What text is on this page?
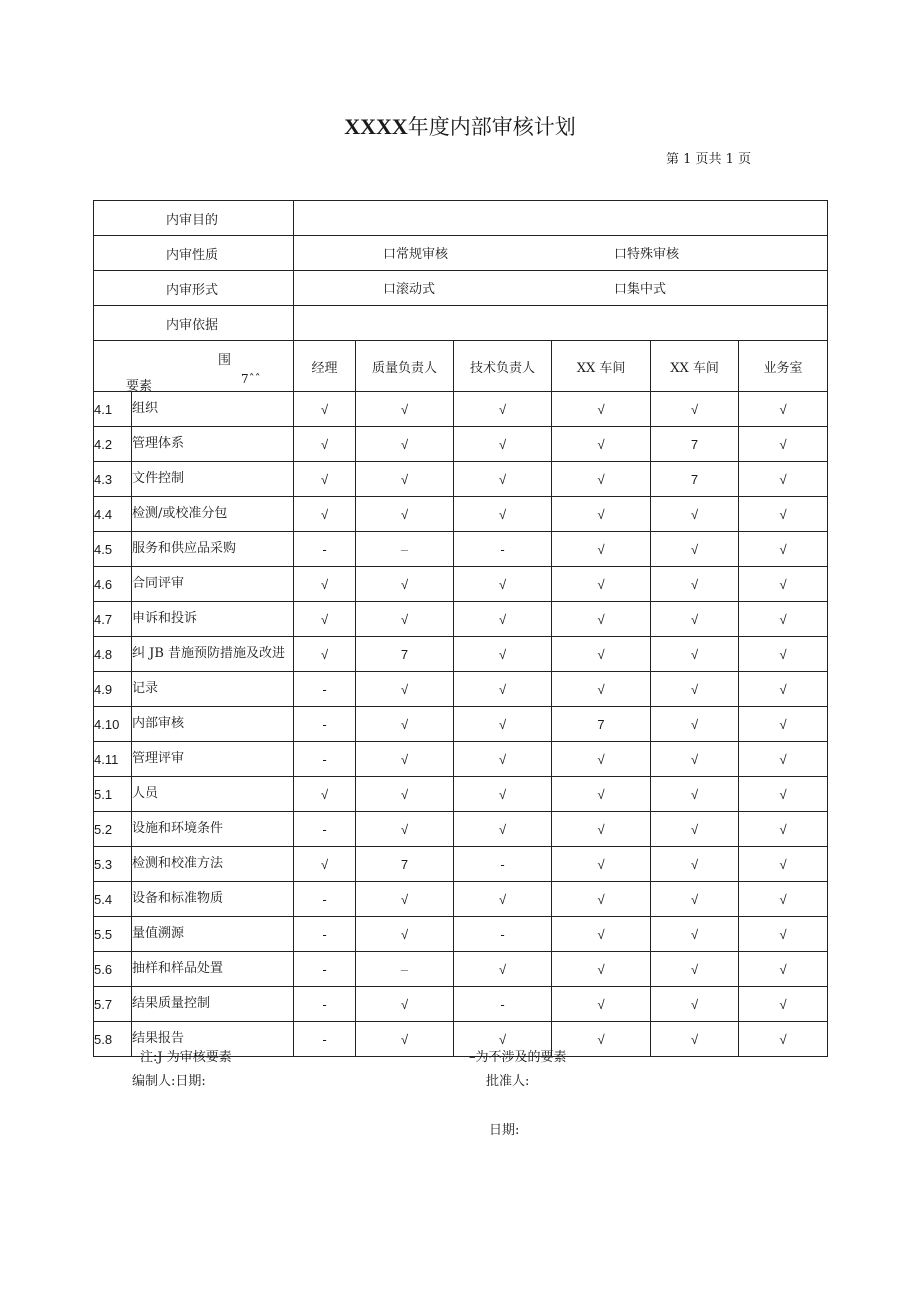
XXXX年度内部审核计划
第 1 页共 1 页
内审目的							
内审性质		口常规审核 口特殊审核					

内审形式		口滚动式 口集中式					

内审依据							

围
要素 7ˆˆ		经理	质量负责人	技术负责人	XX 车间	XX 车间	业务室
4.1	组织	√	√	√	√	√	√
4.2	管理体系	√	√	√	√	7	√
4.3	文件控制	√	√	√	√	7	√
4.4	检测/或校准分包	√	√	√	√	√	√
4.5	服务和供应品采购	-	–	-	√	√	√
4.6	合同评审	√	√	√	√	√	√
4.7	申诉和投诉	√	√	√	√	√	√
4.8	纠 JB 昔施预防措施及改进	√	7	√	√	√	√
4.9	记录	-	√	√	√	√	√
4.10	内部审核	-	√	√	7	√	√
4.11	管理评审	-	√	√	√	√	√
5.1	人员	√	√	√	√	√	√
5.2	设施和环境条件	-	√	√	√	√	√
5.3	检测和校准方法	√	7	-	√	√	√
5.4	设备和标准物质	-	√	√	√	√	√
5.5	量值溯源	-	√	-	√	√	√
5.6	抽样和样品处置	-	–	√	√	√	√
5.7	结果质量控制	-	√	-	√	√	√
5.8	结果报告	-	√	√	√	√	√
注:J 为审核要素	–为不涉及的要素
编制人:日期:	批准人:
日期:
